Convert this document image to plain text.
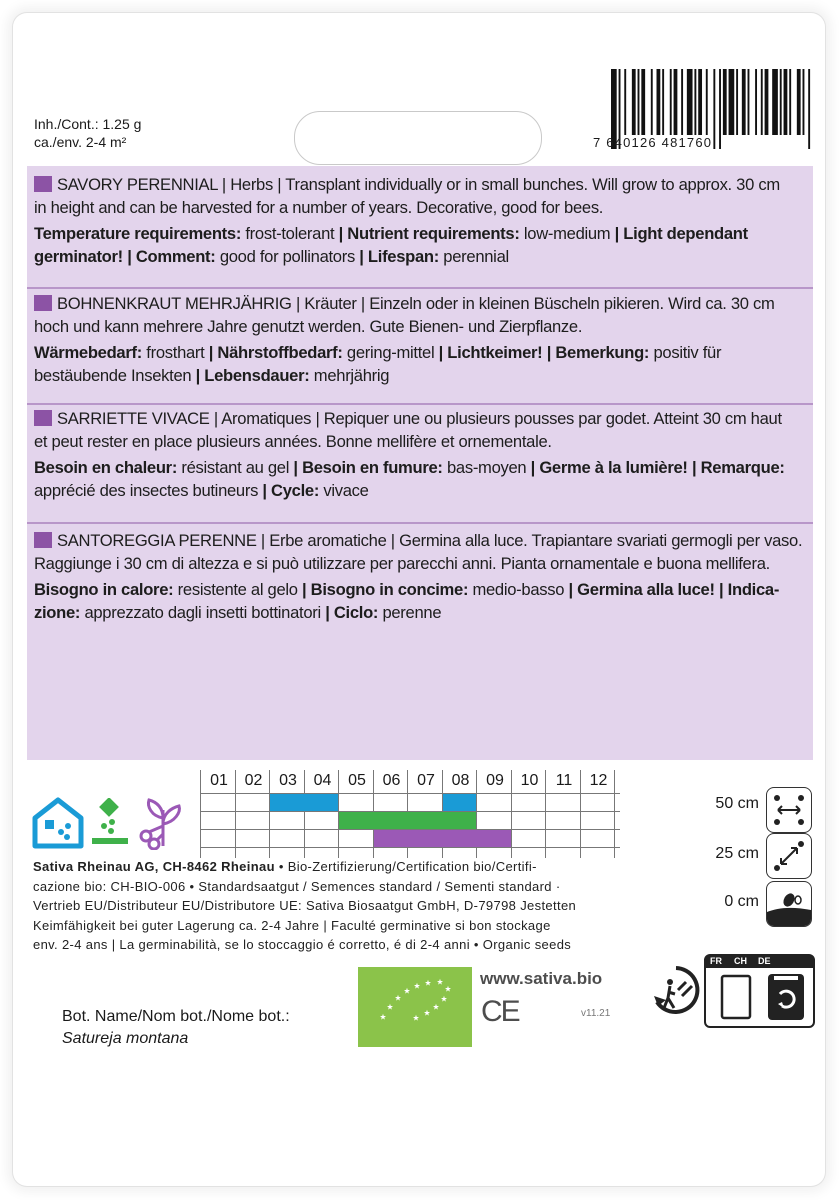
Inh./Cont.: 1.25 g
ca./env. 2-4 m²	7 640126 481760
SAVORY PERENNIAL | Herbs | Transplant individually or in small bunches. Will grow to approx. 30 cm
in height and can be harvested for a number of years. Decorative, good for bees.
Temperature requirements: frost-tolerant | Nutrient requirements: low-medium | Light dependant
germinator! | Comment: good for pollinators | Lifespan: perennial
BOHNENKRAUT MEHRJÄHRIG | Kräuter | Einzeln oder in kleinen Büscheln pikieren. Wird ca. 30 cm
hoch und kann mehrere Jahre genutzt werden. Gute Bienen- und Zierpflanze.
Wärmebedarf: frosthart | Nährstoffbedarf: gering-mittel | Lichtkeimer! | Bemerkung: positiv für
bestäubende Insekten | Lebensdauer: mehrjährig
SARRIETTE VIVACE | Aromatiques | Repiquer une ou plusieurs pousses par godet. Atteint 30 cm haut
et peut rester en place plusieurs années. Bonne mellifère et ornementale.
Besoin en chaleur: résistant au gel | Besoin en fumure: bas-moyen | Germe à la lumière! | Remarque:
apprécié des insectes butineurs | Cycle: vivace
SANTOREGGIA PERENNE | Erbe aromatiche | Germina alla luce. Trapiantare svariati germogli per vaso.
Raggiunge i 30 cm di altezza e si può utilizzare per parecchi anni. Pianta ornamentale e buona mellifera.
Bisogno in calore: resistente al gelo | Bisogno in concime: medio-basso | Germina alla luce! | Indica-
zione: apprezzato dagli insetti bottinatori | Ciclo: perenne
01	02	03	04	05	06	07	08	09	10	11	12
50 cm
25 cm
0 cm
Sativa Rheinau AG, CH-8462 Rheinau • Bio-Zertifizierung/Certification bio/Certifi-
cazione bio: CH-BIO-006 • Standardsaatgut / Semences standard / Sementi standard ·
Vertrieb EU/Distributeur EU/Distributore UE: Sativa Biosaatgut GmbH, D-79798 Jestetten
Keimfähigkeit bei guter Lagerung ca. 2-4 Jahre | Faculté germinative si bon stockage
env. 2-4 ans | La germinabilità, se lo stoccaggio é corretto, é di 2-4 anni • Organic seeds
www.sativa.bio
CE	v11.21
FR CH DE
Bot. Name/Nom bot./Nome bot.:
Satureja montana
